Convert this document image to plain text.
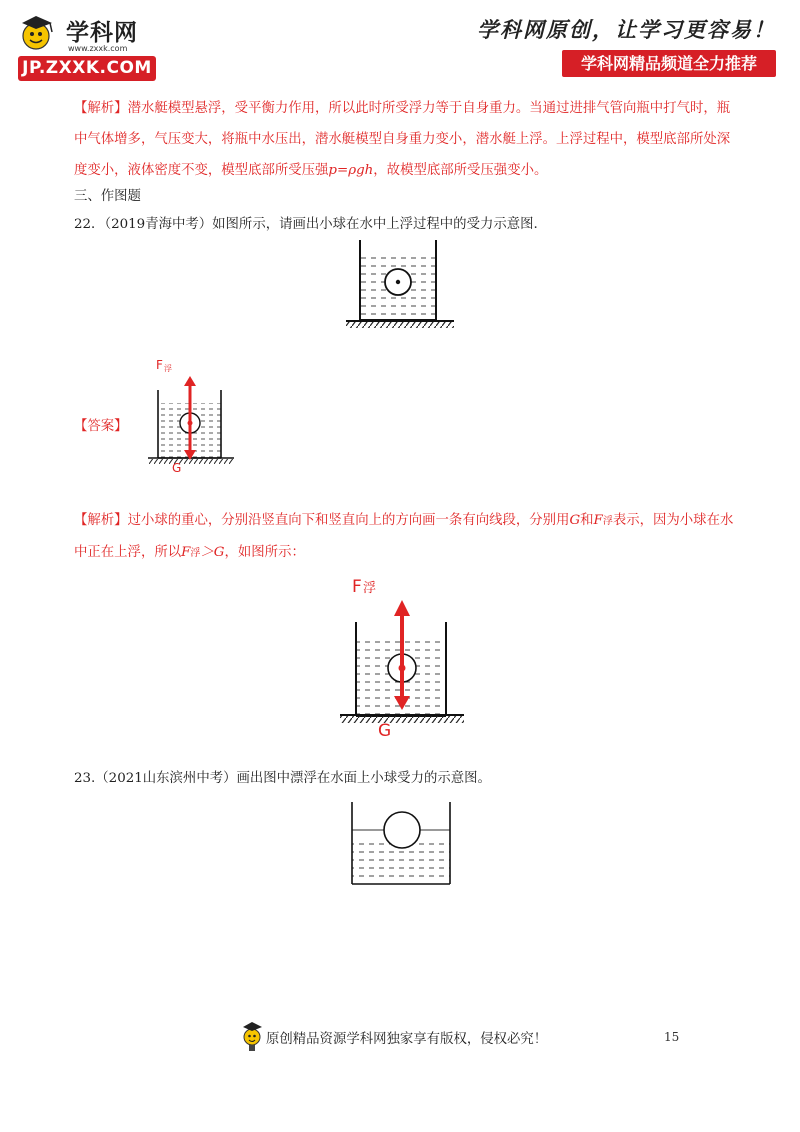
学科网
www.zxxk.com
JP.ZXXK.COM
学科网原创，让学习更容易！
学科网精品频道全力推荐
【解析】潜水艇模型悬浮，受平衡力作用，所以此时所受浮力等于自身重力。当通过进排气管向瓶中打气时，瓶中气体增多，气压变大，将瓶中水压出，潜水艇模型自身重力变小，潜水艇上浮。上浮过程中，模型底部所处深度变小，液体密度不变，模型底部所受压强p=ρgh，故模型底部所受压强变小。
三、作图题
22．（2019青海中考）如图所示，请画出小球在水中上浮过程中的受力示意图.
【答案】
F 浮
G
【解析】过小球的重心，分别沿竖直向下和竖直向上的方向画一条有向线段，分别用G和F浮表示，因为小球在水中正在上浮，所以F浮＞G，如图所示：
F 浮
G
23.（2021山东滨州中考）画出图中漂浮在水面上小球受力的示意图。
原创精品资源学科网独家享有版权，侵权必究！	15
